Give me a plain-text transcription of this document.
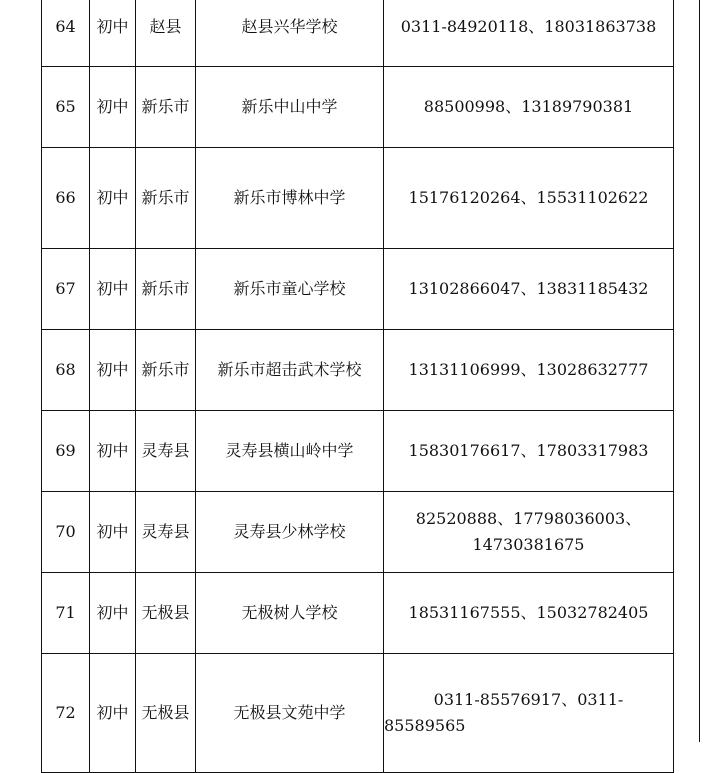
64	初中	赵县	赵县兴华学校	0311-84920118、18031863738

65	初中	新乐市	新乐中山中学	88500998、13189790381

66	初中	新乐市	新乐市博林中学	15176120264、15531102622

67	初中	新乐市	新乐市童心学校	13102866047、13831185432

68	初中	新乐市	新乐市超击武术学校	13131106999、13028632777

69	初中	灵寿县	灵寿县横山岭中学	15830176617、17803317983

70	初中	灵寿县	灵寿县少林学校	82520888、17798036003、
14730381675

71	初中	无极县	无极树人学校	18531167555、15032782405

72	初中	无极县	无极县文苑中学	0311-85576917、0311-
85589565
